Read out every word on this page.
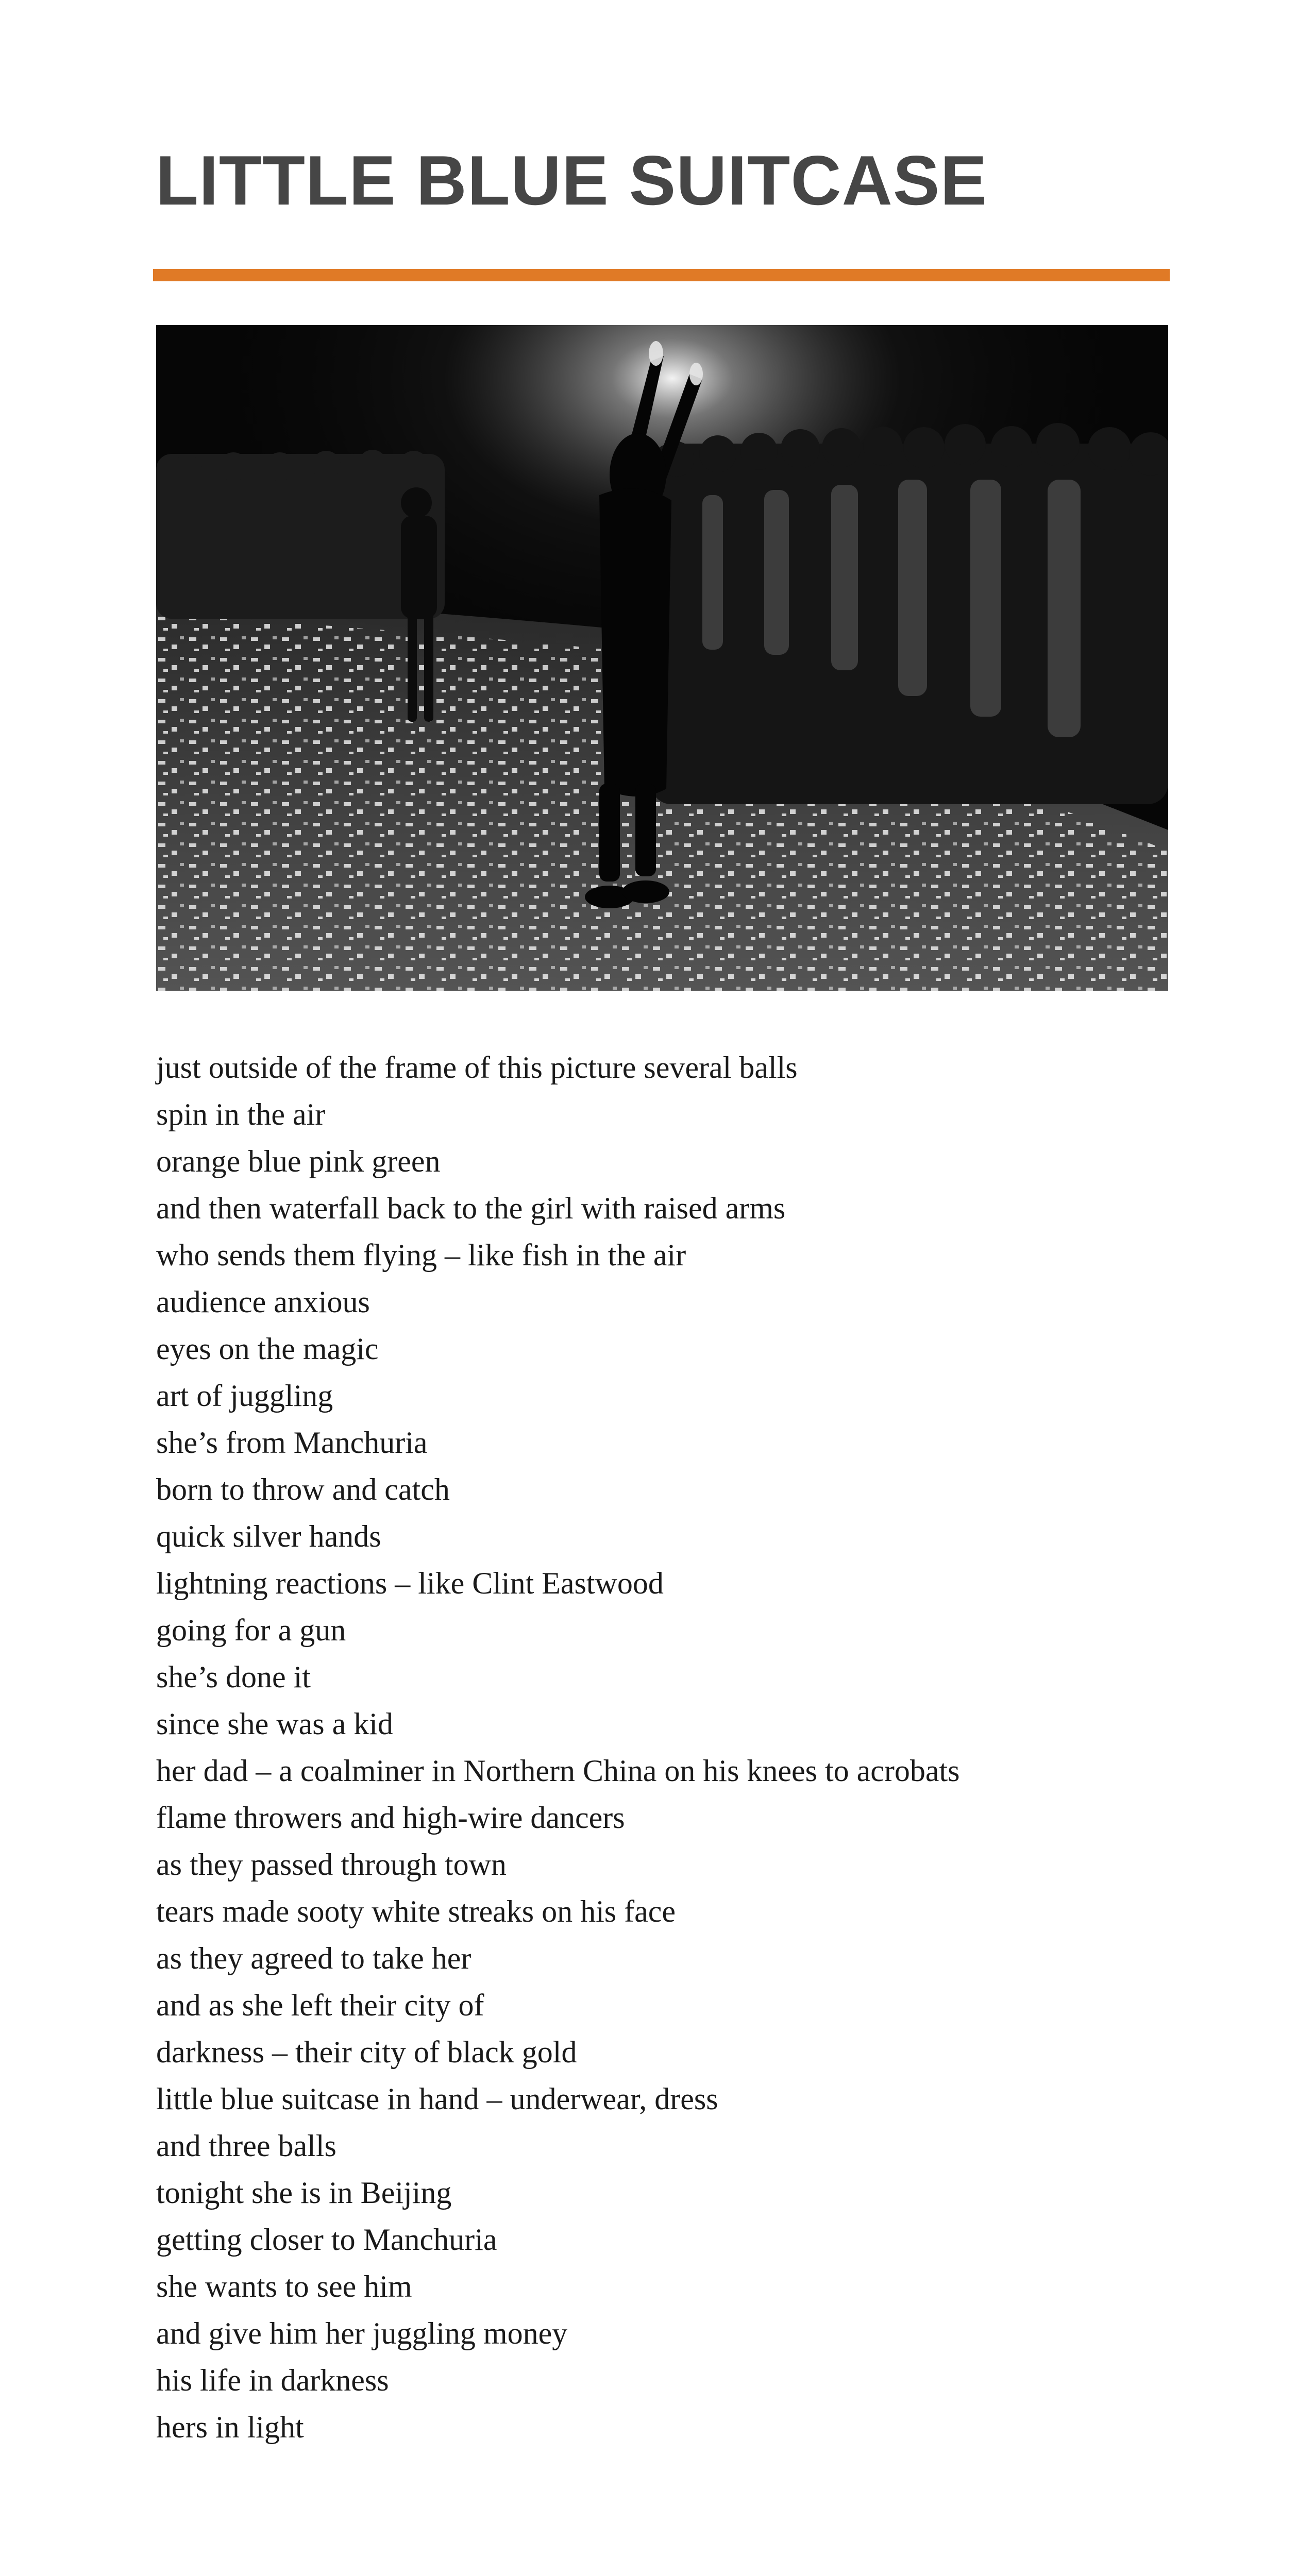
LITTLE BLUE SUITCASE
just outside of the frame of this picture several balls
spin in the air
orange blue pink green
and then waterfall back to the girl with raised arms
who sends them flying – like fish in the air
audience anxious
eyes on the magic
art of juggling
she’s from Manchuria
born to throw and catch
quick silver hands
lightning reactions – like Clint Eastwood
going for a gun
she’s done it
since she was a kid
her dad – a coalminer in Northern China on his knees to acrobats
flame throwers and high-wire dancers
as they passed through town
tears made sooty white streaks on his face
as they agreed to take her
and as she left their city of
darkness – their city of black gold
little blue suitcase in hand – underwear, dress
and three balls
tonight she is in Beijing
getting closer to Manchuria
she wants to see him
and give him her juggling money
his life in darkness
hers in light
